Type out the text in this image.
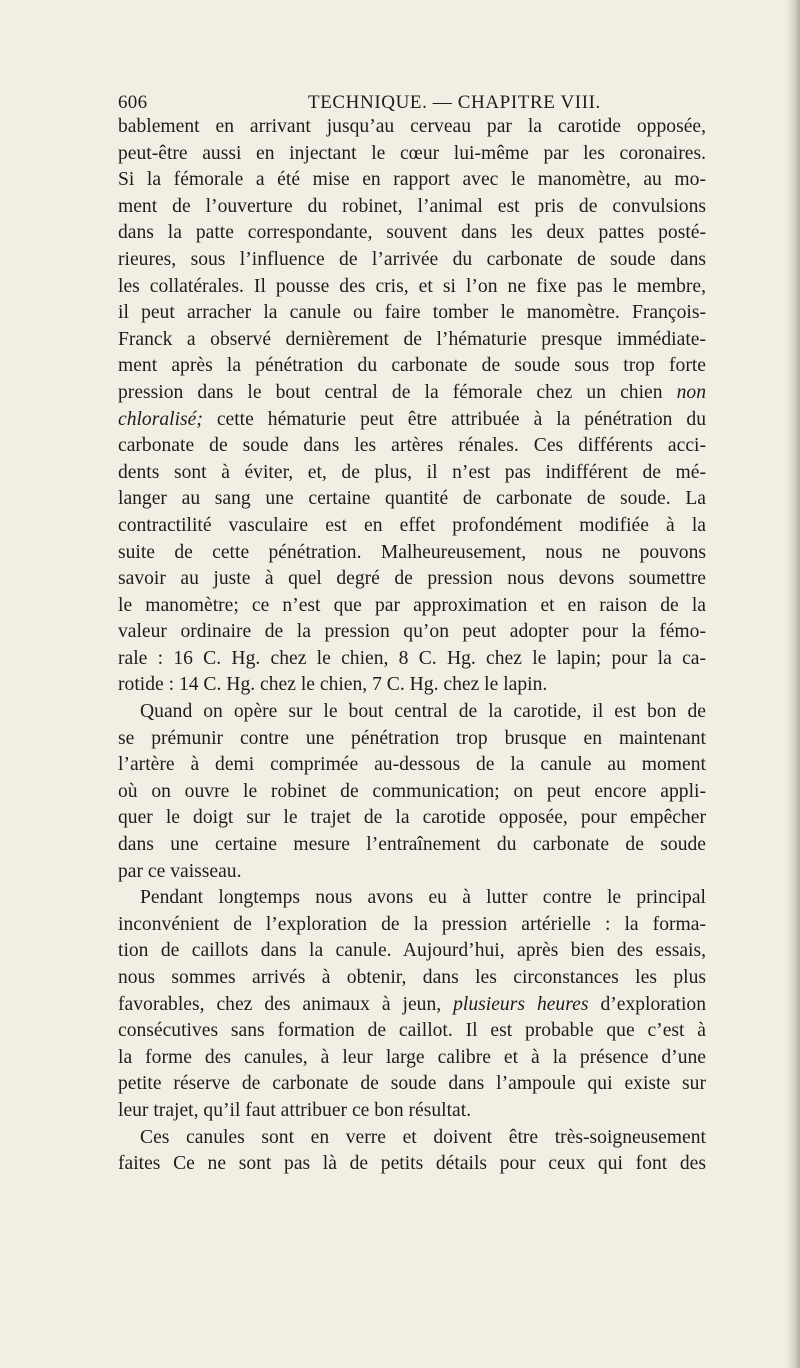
606	TECHNIQUE. — CHAPITRE VIII.
bablement en arrivant jusqu’au cerveau par la carotide opposée,
peut-être aussi en injectant le cœur lui-même par les coronaires.
Si la fémorale a été mise en rapport avec le manomètre, au mo-
ment de l’ouverture du robinet, l’animal est pris de convulsions
dans la patte correspondante, souvent dans les deux pattes posté-
rieures, sous l’influence de l’arrivée du carbonate de soude dans
les collatérales. Il pousse des cris, et si l’on ne fixe pas le membre,
il peut arracher la canule ou faire tomber le manomètre. François-
Franck a observé dernièrement de l’hématurie presque immédiate-
ment après la pénétration du carbonate de soude sous trop forte
pression dans le bout central de la fémorale chez un chien non
chloralisé; cette hématurie peut être attribuée à la pénétration du
carbonate de soude dans les artères rénales. Ces différents acci-
dents sont à éviter, et, de plus, il n’est pas indifférent de mé-
langer au sang une certaine quantité de carbonate de soude. La
contractilité vasculaire est en effet profondément modifiée à la
suite de cette pénétration. Malheureusement, nous ne pouvons
savoir au juste à quel degré de pression nous devons soumettre
le manomètre; ce n’est que par approximation et en raison de la
valeur ordinaire de la pression qu’on peut adopter pour la fémo-
rale : 16 C. Hg. chez le chien, 8 C. Hg. chez le lapin; pour la ca-
rotide : 14 C. Hg. chez le chien, 7 C. Hg. chez le lapin.
Quand on opère sur le bout central de la carotide, il est bon de
se prémunir contre une pénétration trop brusque en maintenant
l’artère à demi comprimée au-dessous de la canule au moment
où on ouvre le robinet de communication; on peut encore appli-
quer le doigt sur le trajet de la carotide opposée, pour empêcher
dans une certaine mesure l’entraînement du carbonate de soude
par ce vaisseau.
Pendant longtemps nous avons eu à lutter contre le principal
inconvénient de l’exploration de la pression artérielle : la forma-
tion de caillots dans la canule. Aujourd’hui, après bien des essais,
nous sommes arrivés à obtenir, dans les circonstances les plus
favorables, chez des animaux à jeun, plusieurs heures d’exploration
consécutives sans formation de caillot. Il est probable que c’est à
la forme des canules, à leur large calibre et à la présence d’une
petite réserve de carbonate de soude dans l’ampoule qui existe sur
leur trajet, qu’il faut attribuer ce bon résultat.
Ces canules sont en verre et doivent être très-soigneusement
faites Ce ne sont pas là de petits détails pour ceux qui font des
